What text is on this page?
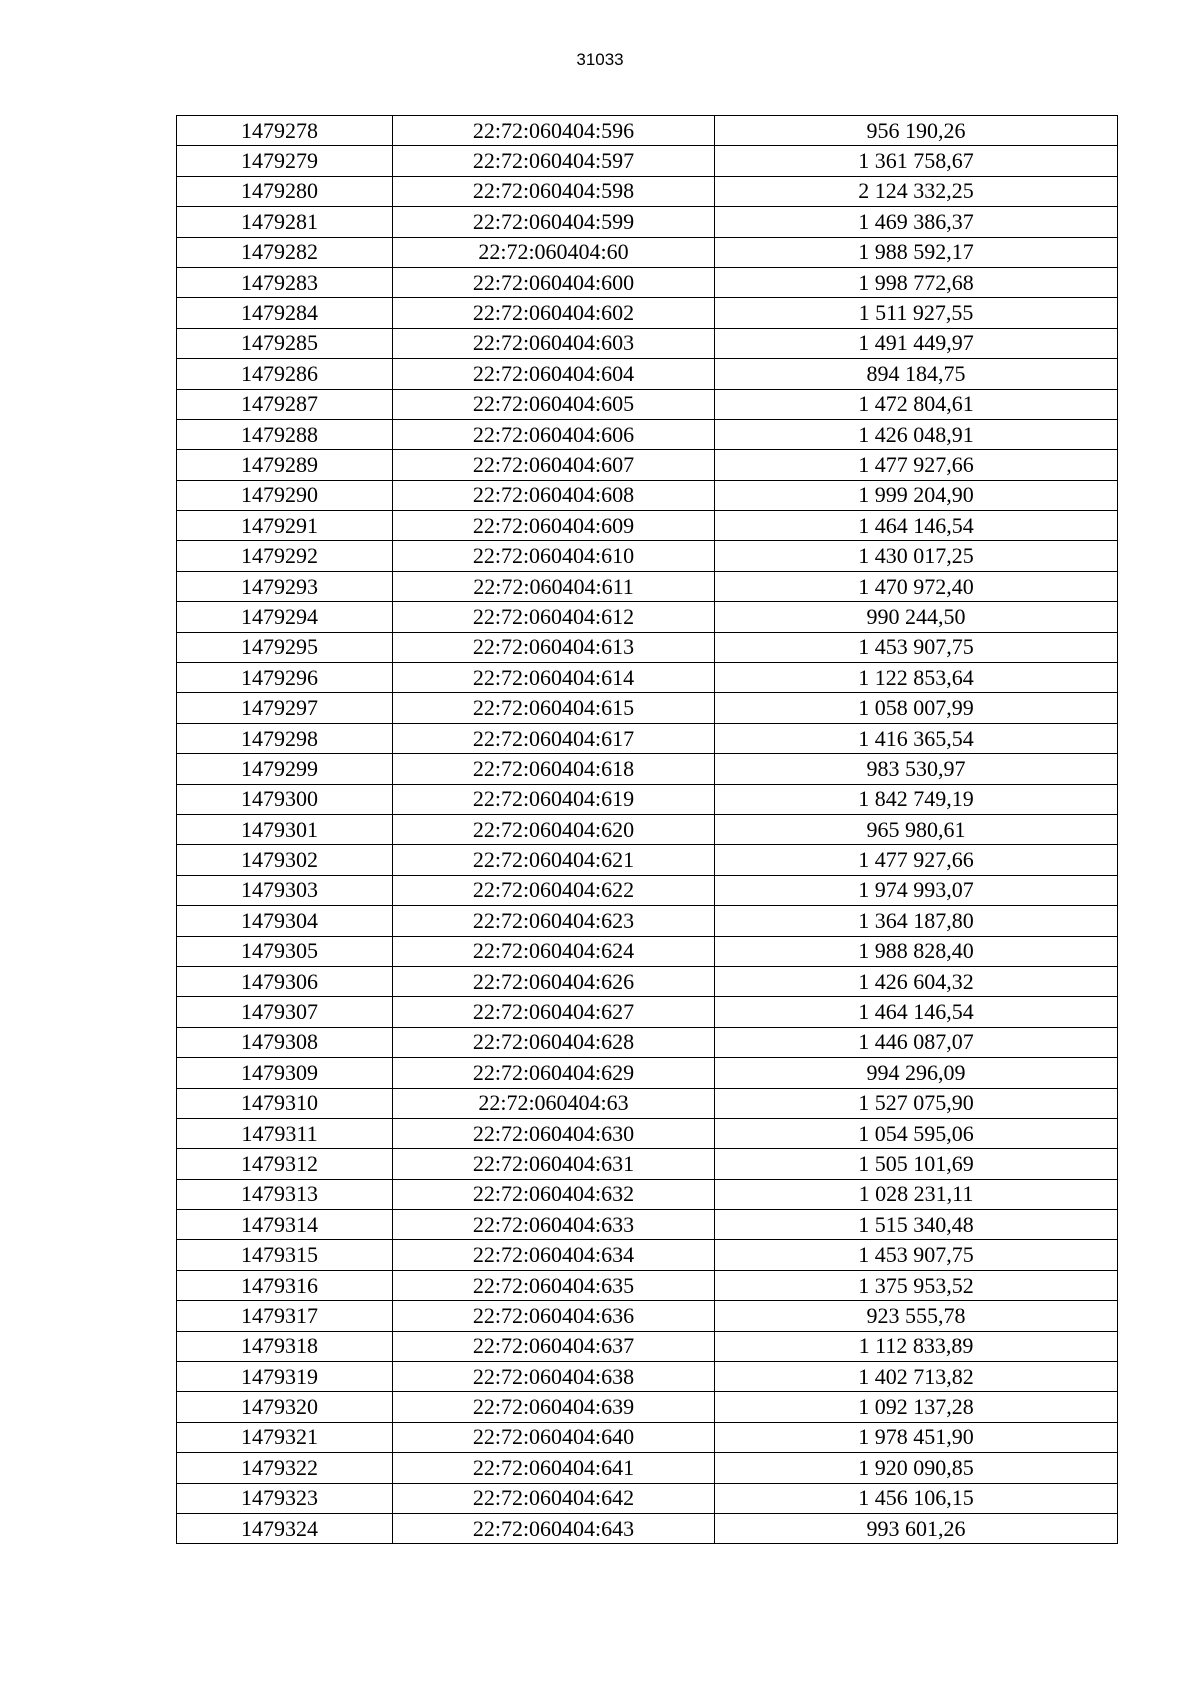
31033
1479278	22:72:060404:596	956 190,26
1479279	22:72:060404:597	1 361 758,67
1479280	22:72:060404:598	2 124 332,25
1479281	22:72:060404:599	1 469 386,37
1479282	22:72:060404:60	1 988 592,17
1479283	22:72:060404:600	1 998 772,68
1479284	22:72:060404:602	1 511 927,55
1479285	22:72:060404:603	1 491 449,97
1479286	22:72:060404:604	894 184,75
1479287	22:72:060404:605	1 472 804,61
1479288	22:72:060404:606	1 426 048,91
1479289	22:72:060404:607	1 477 927,66
1479290	22:72:060404:608	1 999 204,90
1479291	22:72:060404:609	1 464 146,54
1479292	22:72:060404:610	1 430 017,25
1479293	22:72:060404:611	1 470 972,40
1479294	22:72:060404:612	990 244,50
1479295	22:72:060404:613	1 453 907,75
1479296	22:72:060404:614	1 122 853,64
1479297	22:72:060404:615	1 058 007,99
1479298	22:72:060404:617	1 416 365,54
1479299	22:72:060404:618	983 530,97
1479300	22:72:060404:619	1 842 749,19
1479301	22:72:060404:620	965 980,61
1479302	22:72:060404:621	1 477 927,66
1479303	22:72:060404:622	1 974 993,07
1479304	22:72:060404:623	1 364 187,80
1479305	22:72:060404:624	1 988 828,40
1479306	22:72:060404:626	1 426 604,32
1479307	22:72:060404:627	1 464 146,54
1479308	22:72:060404:628	1 446 087,07
1479309	22:72:060404:629	994 296,09
1479310	22:72:060404:63	1 527 075,90
1479311	22:72:060404:630	1 054 595,06
1479312	22:72:060404:631	1 505 101,69
1479313	22:72:060404:632	1 028 231,11
1479314	22:72:060404:633	1 515 340,48
1479315	22:72:060404:634	1 453 907,75
1479316	22:72:060404:635	1 375 953,52
1479317	22:72:060404:636	923 555,78
1479318	22:72:060404:637	1 112 833,89
1479319	22:72:060404:638	1 402 713,82
1479320	22:72:060404:639	1 092 137,28
1479321	22:72:060404:640	1 978 451,90
1479322	22:72:060404:641	1 920 090,85
1479323	22:72:060404:642	1 456 106,15
1479324	22:72:060404:643	993 601,26
